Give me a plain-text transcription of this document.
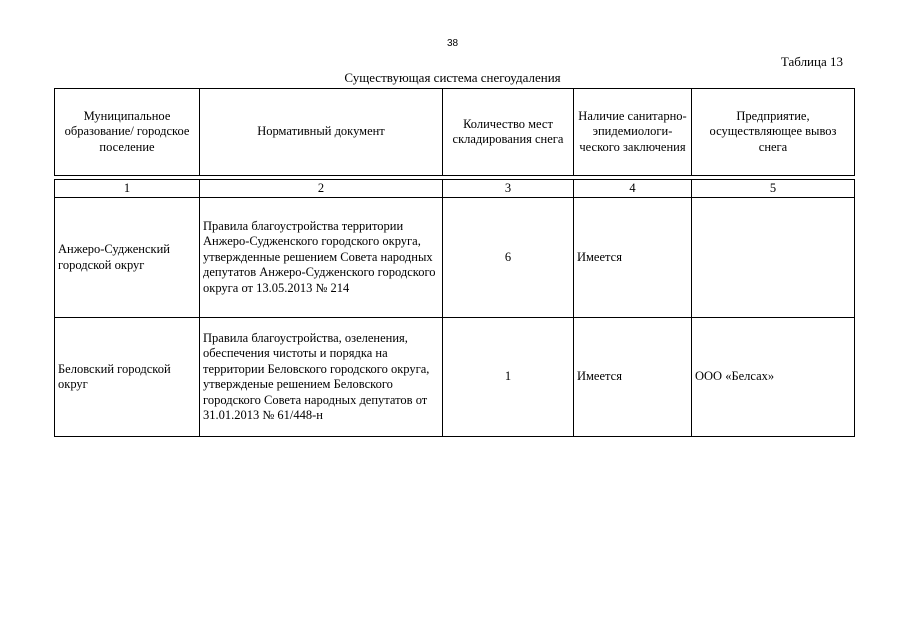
38
Таблица 13
Существующая система снегоудаления
Муниципальное образование/ городское поселение	Нормативный документ	Количество мест складирования снега	Наличие санитарно-эпидемиологи-ческого заключения	Предприятие, осуществляющее вывоз снега
1	2	3	4	5
Анжеро-Судженский городской округ	Правила благоустройства территории Анжеро-Судженского городского округа, утвержденные решением Совета народных депутатов Анжеро-Судженского городского округа от 13.05.2013 № 214	6	Имеется	
Беловский городской округ	Правила благоустройства, озеленения, обеспечения чистоты и порядка на территории Беловского городского округа, утвержденые решением Беловского городского Совета народных депутатов от 31.01.2013 № 61/448-н	1	Имеется	ООО «Белсах»
